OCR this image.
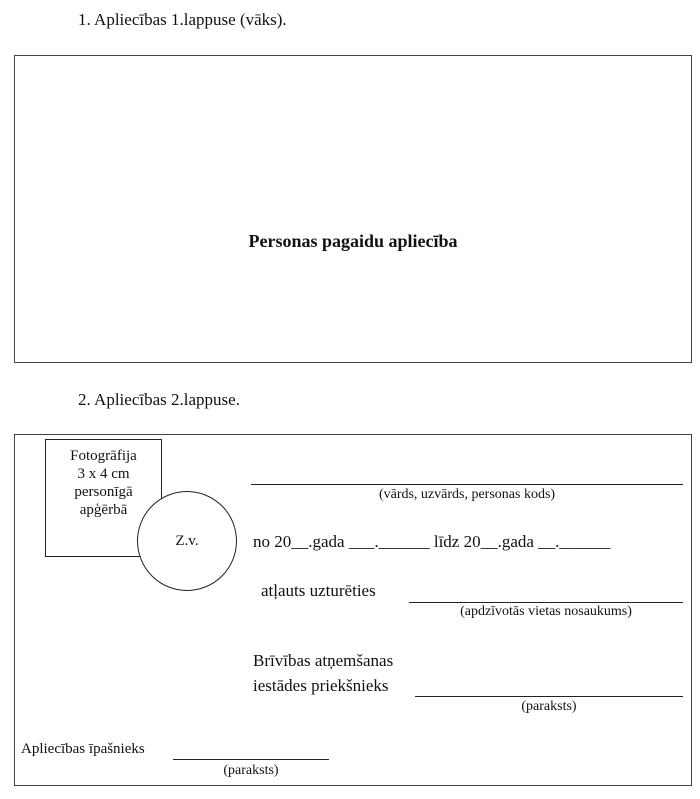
1. Apliecības 1.lappuse (vāks).
Personas pagaidu apliecība
2. Apliecības 2.lappuse.
Fotogrāfija
3 x 4 cm
personīgā
apģērbā
Z.v.
(vārds, uzvārds, personas kods)
no 20__.gada ___.______ līdz 20__.gada __.______
atļauts uzturēties
(apdzīvotās vietas nosaukums)
Brīvības atņemšanas
iestādes priekšnieks
(paraksts)
Apliecības īpašnieks
(paraksts)
